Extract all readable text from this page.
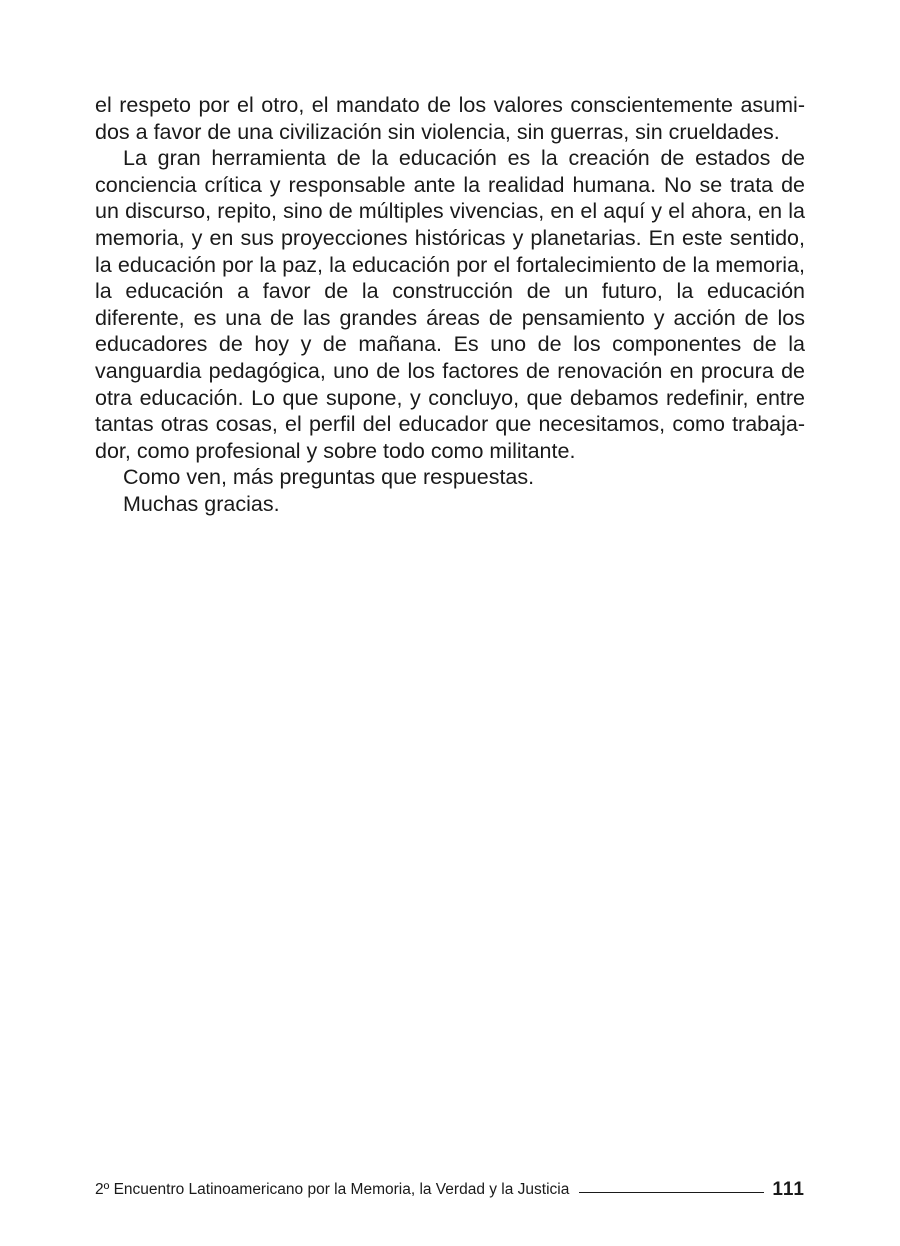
el respeto por el otro, el mandato de los valores conscientemente asumidos a favor de una civilización sin violencia, sin guerras, sin crueldades.

La gran herramienta de la educación es la creación de estados de conciencia crítica y responsable ante la realidad humana. No se trata de un discurso, repito, sino de múltiples vivencias, en el aquí y el ahora, en la memoria, y en sus proyecciones históricas y planetarias. En este sentido, la educación por la paz, la educación por el fortalecimiento de la memoria, la educación a favor de la construcción de un futuro, la educación diferente, es una de las grandes áreas de pensamiento y acción de los educadores de hoy y de mañana. Es uno de los componentes de la vanguardia pedagógica, uno de los factores de renovación en procura de otra educación. Lo que supone, y concluyo, que debamos redefinir, entre tantas otras cosas, el perfil del educador que necesitamos, como trabajador, como profesional y sobre todo como militante.

Como ven, más preguntas que respuestas.

Muchas gracias.

2º Encuentro Latinoamericano por la Memoria, la Verdad y la Justicia	111
